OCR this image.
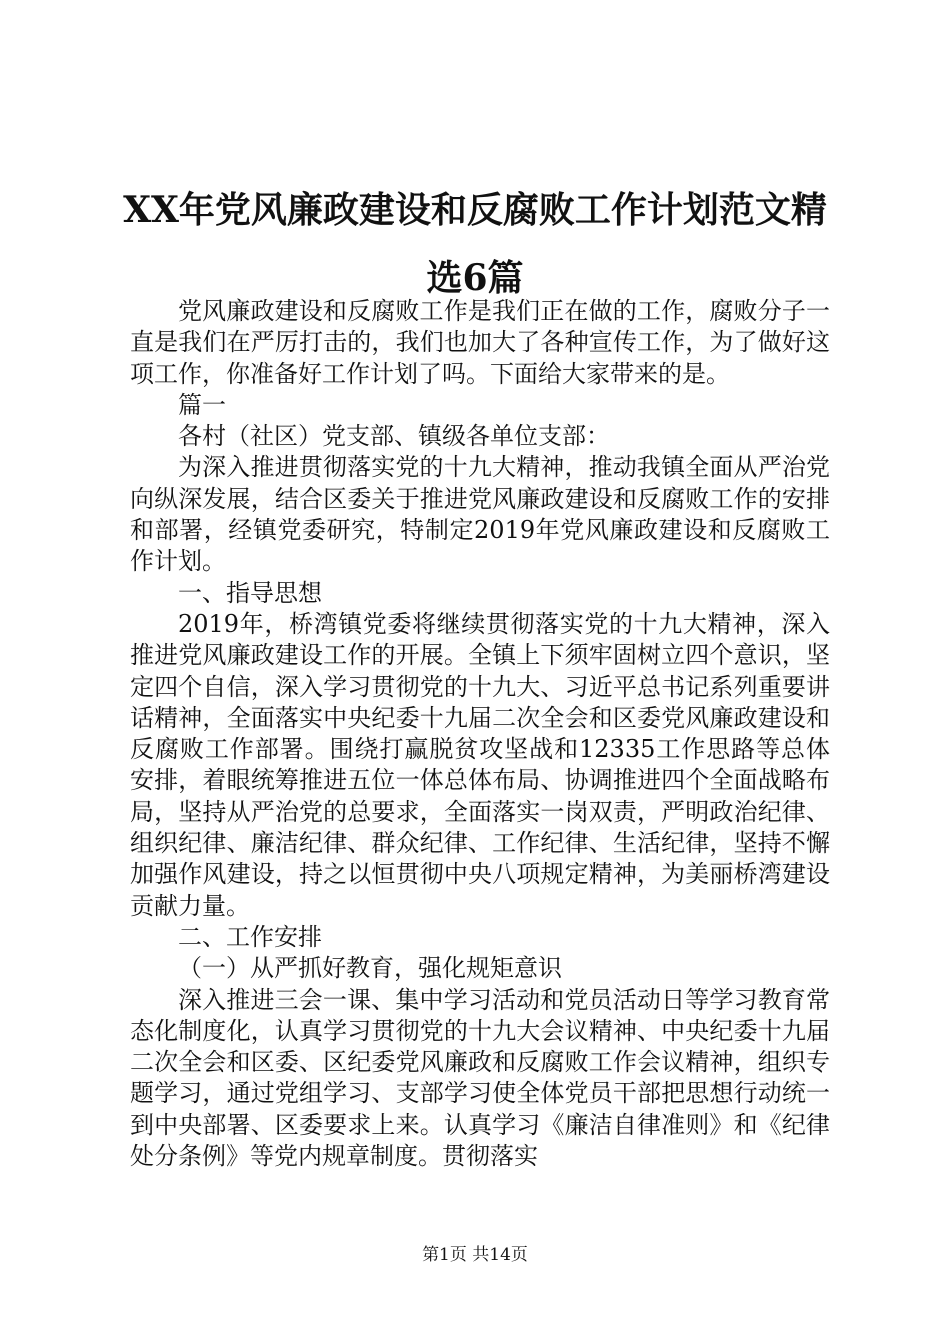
XX年党风廉政建设和反腐败工作计划范文精选6篇

党风廉政建设和反腐败工作是我们正在做的工作，腐败分子一直是我们在严厉打击的，我们也加大了各种宣传工作，为了做好这项工作，你准备好工作计划了吗。下面给大家带来的是。

篇一

各村（社区）党支部、镇级各单位支部：

为深入推进贯彻落实党的十九大精神，推动我镇全面从严治党向纵深发展，结合区委关于推进党风廉政建设和反腐败工作的安排和部署，经镇党委研究，特制定2019年党风廉政建设和反腐败工作计划。

一、指导思想

2019年，桥湾镇党委将继续贯彻落实党的十九大精神，深入推进党风廉政建设工作的开展。全镇上下须牢固树立四个意识，坚定四个自信，深入学习贯彻党的十九大、习近平总书记系列重要讲话精神，全面落实中央纪委十九届二次全会和区委党风廉政建设和反腐败工作部署。围绕打赢脱贫攻坚战和12335工作思路等总体安排，着眼统筹推进五位一体总体布局、协调推进四个全面战略布局，坚持从严治党的总要求，全面落实一岗双责，严明政治纪律、组织纪律、廉洁纪律、群众纪律、工作纪律、生活纪律，坚持不懈加强作风建设，持之以恒贯彻中央八项规定精神，为美丽桥湾建设贡献力量。

二、工作安排

（一）从严抓好教育，强化规矩意识

深入推进三会一课、集中学习活动和党员活动日等学习教育常态化制度化，认真学习贯彻党的十九大会议精神、中央纪委十九届二次全会和区委、区纪委党风廉政和反腐败工作会议精神，组织专题学习，通过党组学习、支部学习使全体党员干部把思想行动统一到中央部署、区委要求上来。认真学习《廉洁自律准则》和《纪律处分条例》等党内规章制度。贯彻落实

第1页 共14页
